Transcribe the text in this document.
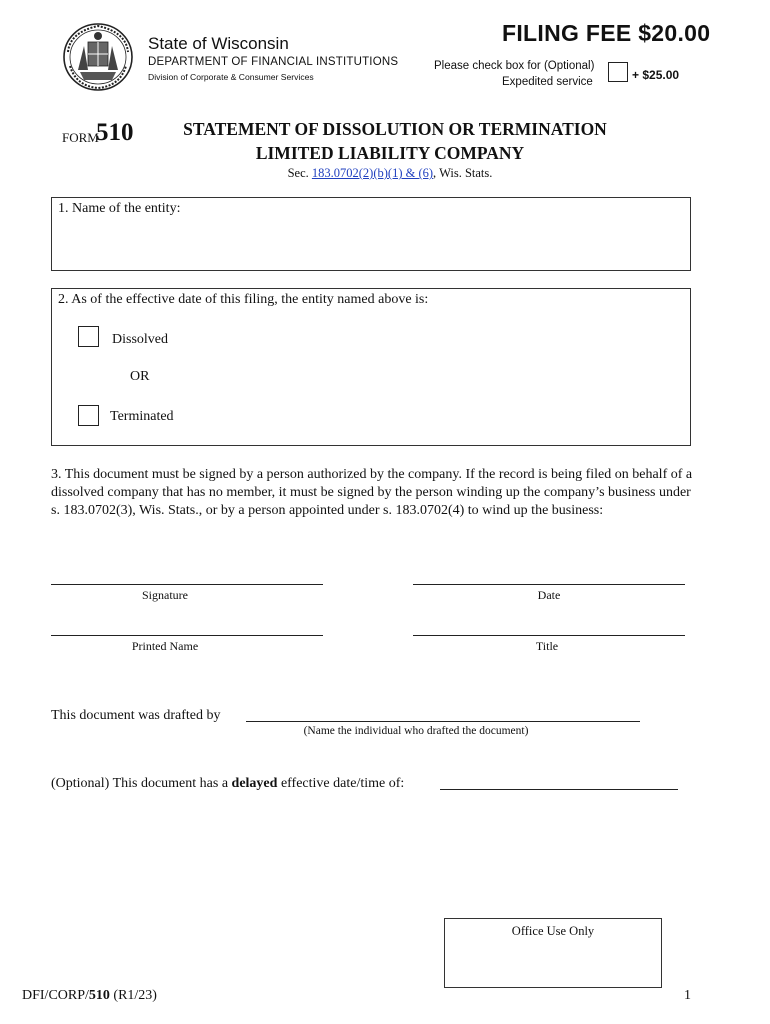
State of Wisconsin
DEPARTMENT OF FINANCIAL INSTITUTIONS
Division of Corporate & Consumer Services
FILING FEE $20.00
Please check box for (Optional)
Expedited service	+ $25.00
FORM
510	STATEMENT OF DISSOLUTION OR TERMINATION
LIMITED LIABILITY COMPANY
Sec. 183.0702(2)(b)(1) & (6), Wis. Stats.
1. Name of the entity:
2. As of the effective date of this filing, the entity named above is:
Dissolved
OR
Terminated
3. This document must be signed by a person authorized by the company. If the record is being filed on behalf of a dissolved company that has no member, it must be signed by the person winding up the company’s business under s. 183.0702(3), Wis. Stats., or by a person appointed under s. 183.0702(4) to wind up the business:
Signature	Date
Printed Name	Title
This document was drafted by
(Name the individual who drafted the document)
(Optional) This document has a delayed effective date/time of:
Office Use Only
DFI/CORP/510 (R1/23)	1
